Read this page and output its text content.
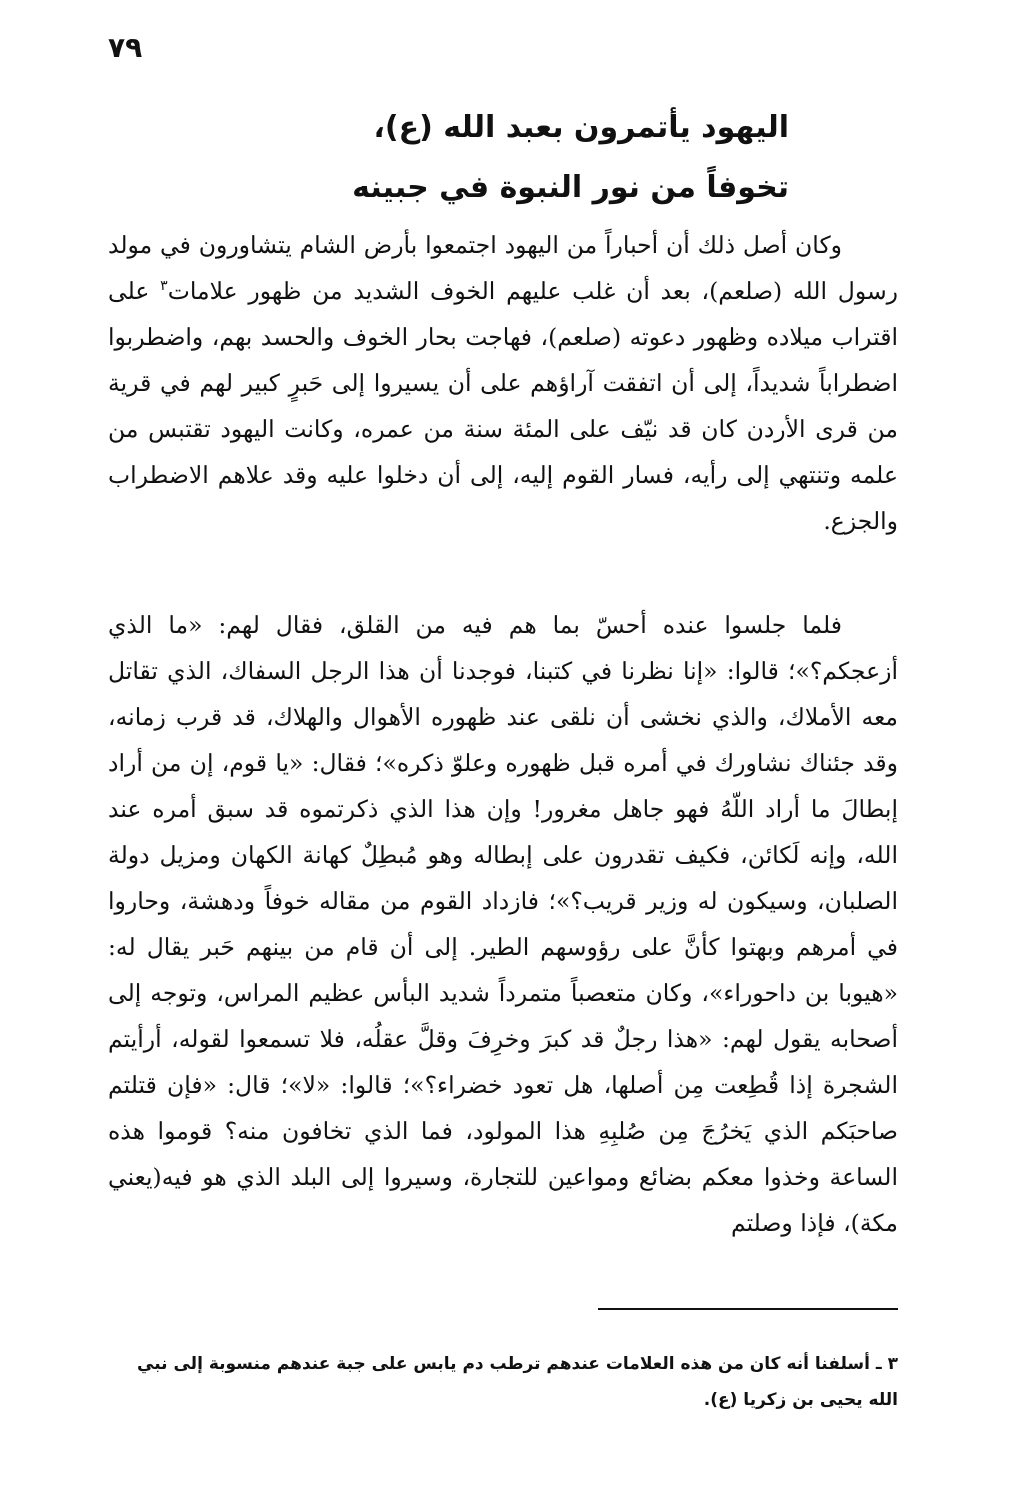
٧٩
اليهود يأتمرون بعبد الله (ع)،
تخوفاً من نور النبوة في جبينه

وكان أصل ذلك أن أحباراً من اليهود اجتمعوا بأرض الشام يتشاورون في مولد رسول الله (صلعم)، بعد أن غلب عليهم الخوف الشديد من ظهور علامات$^٣$ على اقتراب ميلاده وظهور دعوته (صلعم)، فهاجت بحار الخوف والحسد بهم، واضطربوا اضطراباً شديداً، إلى أن اتفقت آراؤهم على أن يسيروا إلى حَبرٍ كبير لهم في قرية من قرى الأردن كان قد نيّف على المئة سنة من عمره، وكانت اليهود تقتبس من علمه وتنتهي إلى رأيه، فسار القوم إليه، إلى أن دخلوا عليه وقد علاهم الاضطراب والجزع.

فلما جلسوا عنده أحسّ بما هم فيه من القلق، فقال لهم: «ما الذي أزعجكم؟»؛ قالوا: «إنا نظرنا في كتبنا، فوجدنا أن هذا الرجل السفاك، الذي تقاتل معه الأملاك، والذي نخشى أن نلقى عند ظهوره الأهوال والهلاك، قد قرب زمانه، وقد جئناك نشاورك في أمره قبل ظهوره وعلوّ ذكره»؛ فقال: «يا قوم، إن من أراد إبطالَ ما أراد اللّهُ فهو جاهل مغرور! وإن هذا الذي ذكرتموه قد سبق أمره عند الله، وإنه لَكائن، فكيف تقدرون على إبطاله وهو مُبطِلٌ كهانة الكهان ومزيل دولة الصلبان، وسيكون له وزير قريب؟»؛ فازداد القوم من مقاله خوفاً ودهشة، وحاروا في أمرهم وبهتوا كأنَّ على رؤوسهم الطير. إلى أن قام من بينهم حَبر يقال له: «هيوبا بن داحوراء»، وكان متعصباً متمرداً شديد البأس عظيم المراس، وتوجه إلى أصحابه يقول لهم: «هذا رجلٌ قد كبرَ وخرِفَ وقلَّ عقلُه، فلا تسمعوا لقوله، أرأيتم الشجرة إذا قُطِعت مِن أصلها، هل تعود خضراء؟»؛ قالوا: «لا»؛ قال: «فإن قتلتم صاحبَكم الذي يَخرُجَ مِن صُلبِهِ هذا المولود، فما الذي تخافون منه؟ قوموا هذه الساعة وخذوا معكم بضائع ومواعين للتجارة، وسيروا إلى البلد الذي هو فيه(يعني مكة)، فإذا وصلتم

٣ ـ أسلفنا أنه كان من هذه العلامات عندهم ترطب دم يابس على جبة عندهم منسوبة إلى نبي الله يحيى بن زكريا (ع).
